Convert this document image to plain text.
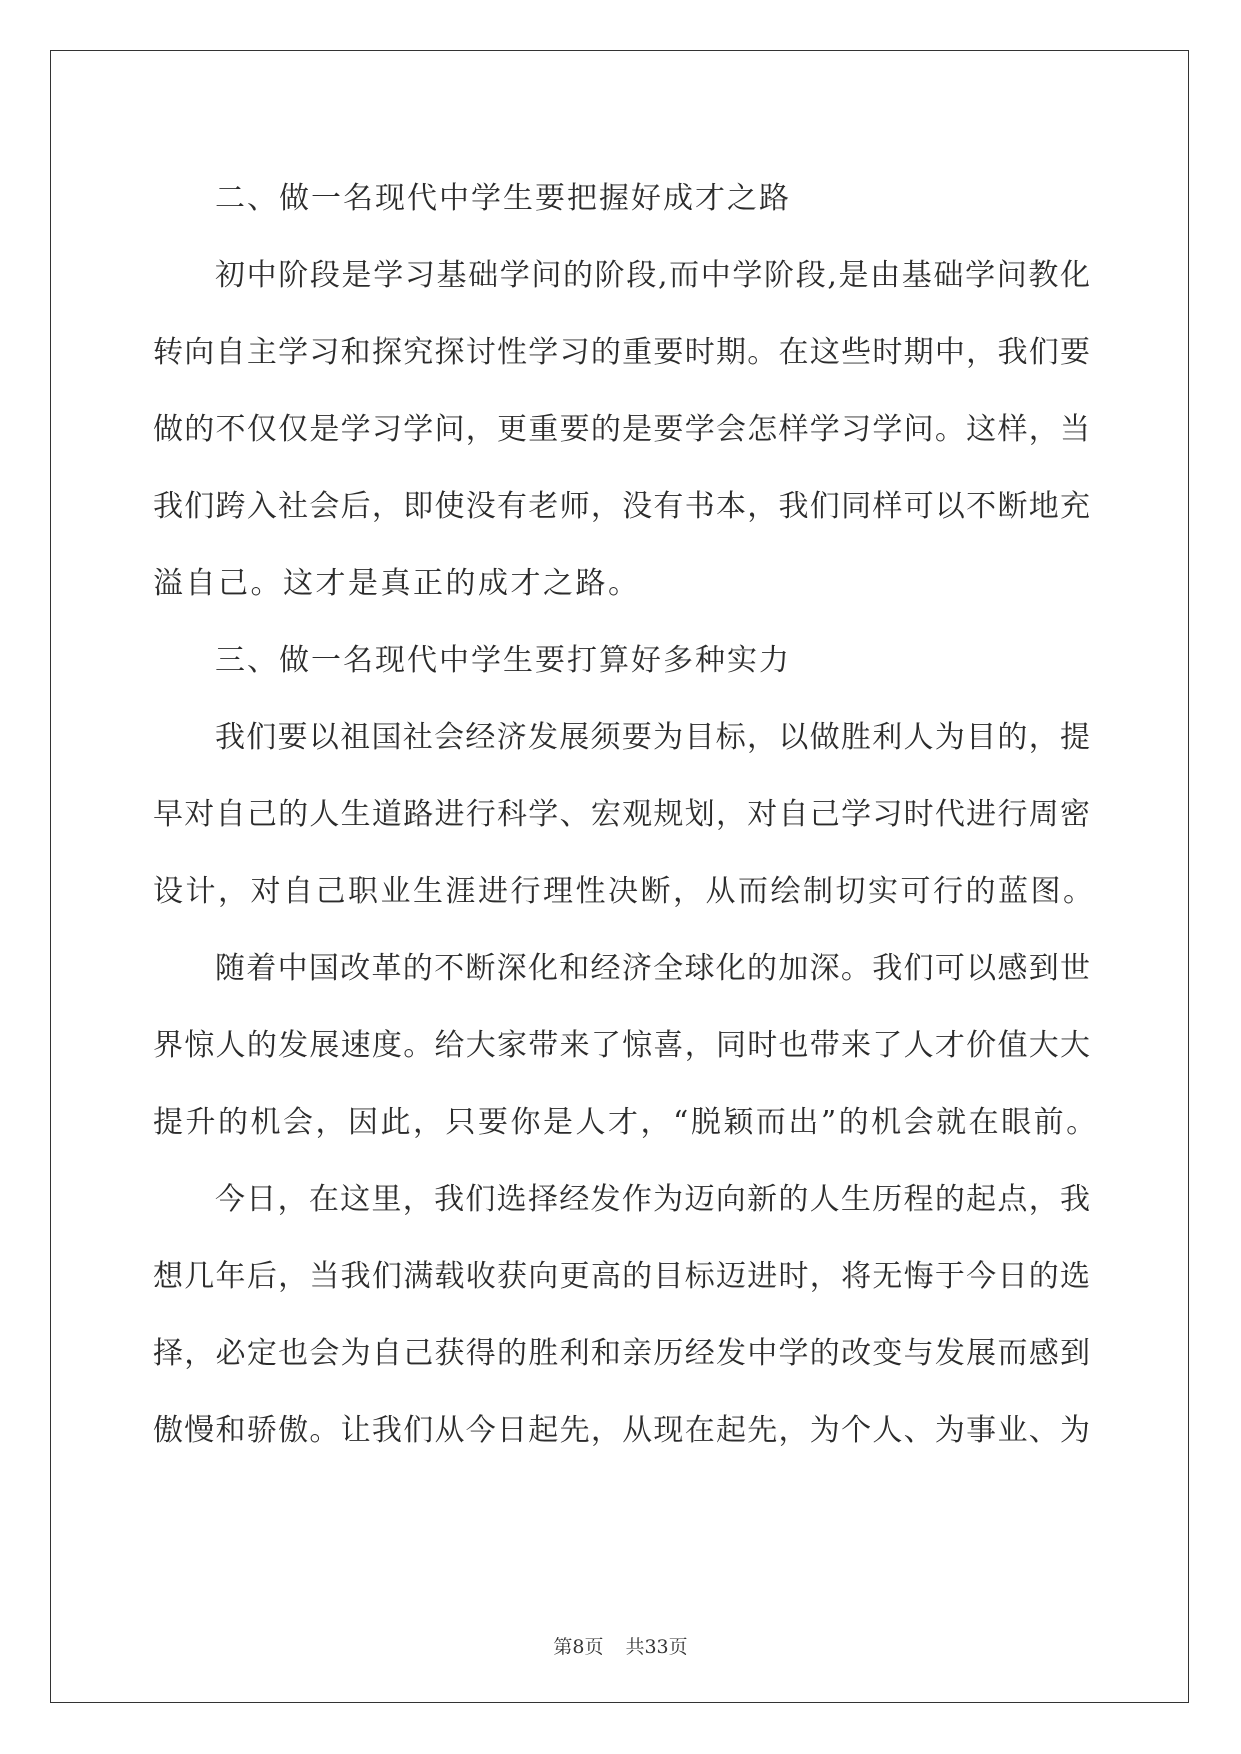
二、做一名现代中学生要把握好成才之路
初中阶段是学习基础学问的阶段,而中学阶段,是由基础学问教化
转向自主学习和探究探讨性学习的重要时期。在这些时期中，我们要
做的不仅仅是学习学问，更重要的是要学会怎样学习学问。这样，当
我们跨入社会后，即使没有老师，没有书本，我们同样可以不断地充
溢自己。这才是真正的成才之路。
三、做一名现代中学生要打算好多种实力
我们要以祖国社会经济发展须要为目标，以做胜利人为目的，提
早对自己的人生道路进行科学、宏观规划，对自己学习时代进行周密
设计，对自己职业生涯进行理性决断，从而绘制切实可行的蓝图。
随着中国改革的不断深化和经济全球化的加深。我们可以感到世
界惊人的发展速度。给大家带来了惊喜，同时也带来了人才价值大大
提升的机会，因此，只要你是人才，“脱颖而出”的机会就在眼前。
今日，在这里，我们选择经发作为迈向新的人生历程的起点，我
想几年后，当我们满载收获向更高的目标迈进时，将无悔于今日的选
择，必定也会为自己获得的胜利和亲历经发中学的改变与发展而感到
傲慢和骄傲。让我们从今日起先，从现在起先，为个人、为事业、为
第8页 共33页
